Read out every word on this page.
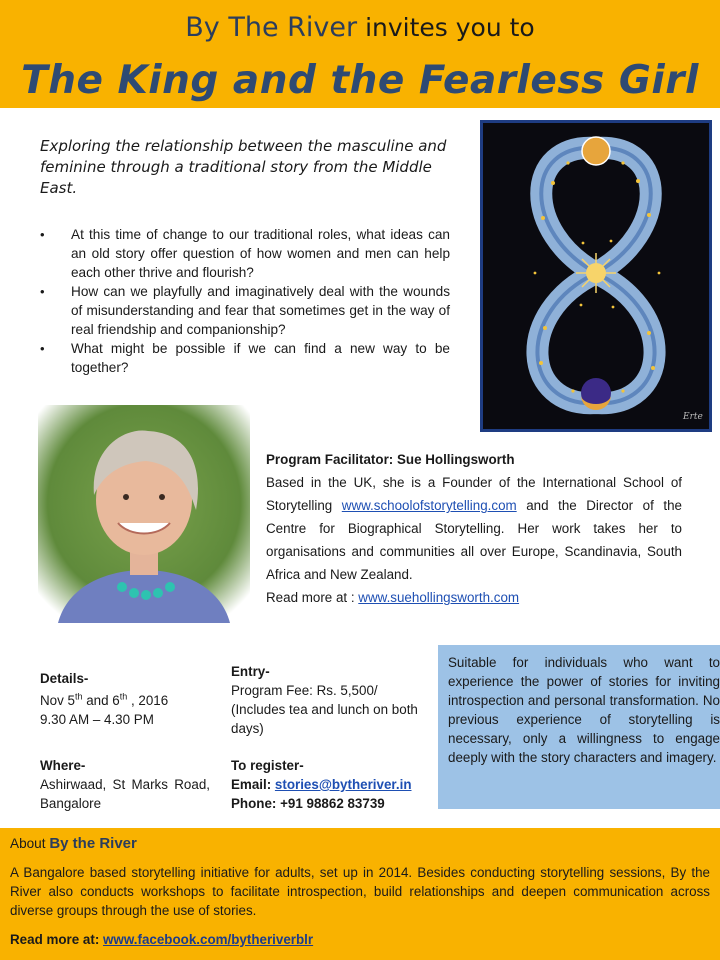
By The River invites you to
The King and the Fearless Girl
Exploring the relationship between the masculine and feminine through a traditional story from the Middle East.
• At this time of change to our traditional roles, what ideas can an old story offer question of how women and men can help each other thrive and flourish?
• How can we playfully and imaginatively deal with the wounds of misunderstanding and fear that sometimes get in the way of real friendship and companionship?
• What might be possible if we can find a new way to be together?
Erte
Program Facilitator: Sue Hollingsworth
Based in the UK, she is a Founder of the International School of Storytelling www.schoolofstorytelling.com and the Director of the Centre for Biographical Storytelling. Her work takes her to organisations and communities all over Europe, Scandinavia, South Africa and New Zealand.
Read more at : www.suehollingsworth.com
Details-
Nov 5th and 6th , 2016
9.30 AM – 4.30 PM
Where-
Ashirwaad, St Marks Road, Bangalore
Entry-
Program Fee: Rs. 5,500/
(Includes tea and lunch on both days)
To register-
Email: stories@bytheriver.in
Phone: +91 98862 83739
Suitable for individuals who want to experience the power of stories for inviting introspection and personal transformation. No previous experience of storytelling is necessary, only a willingness to engage deeply with the story characters and imagery.
About By the River
A Bangalore based storytelling initiative for adults, set up in 2014. Besides conducting storytelling sessions, By the River also conducts workshops to facilitate introspection, build relationships and deepen communication across diverse groups through the use of stories.
Read more at: www.facebook.com/bytheriverblr
